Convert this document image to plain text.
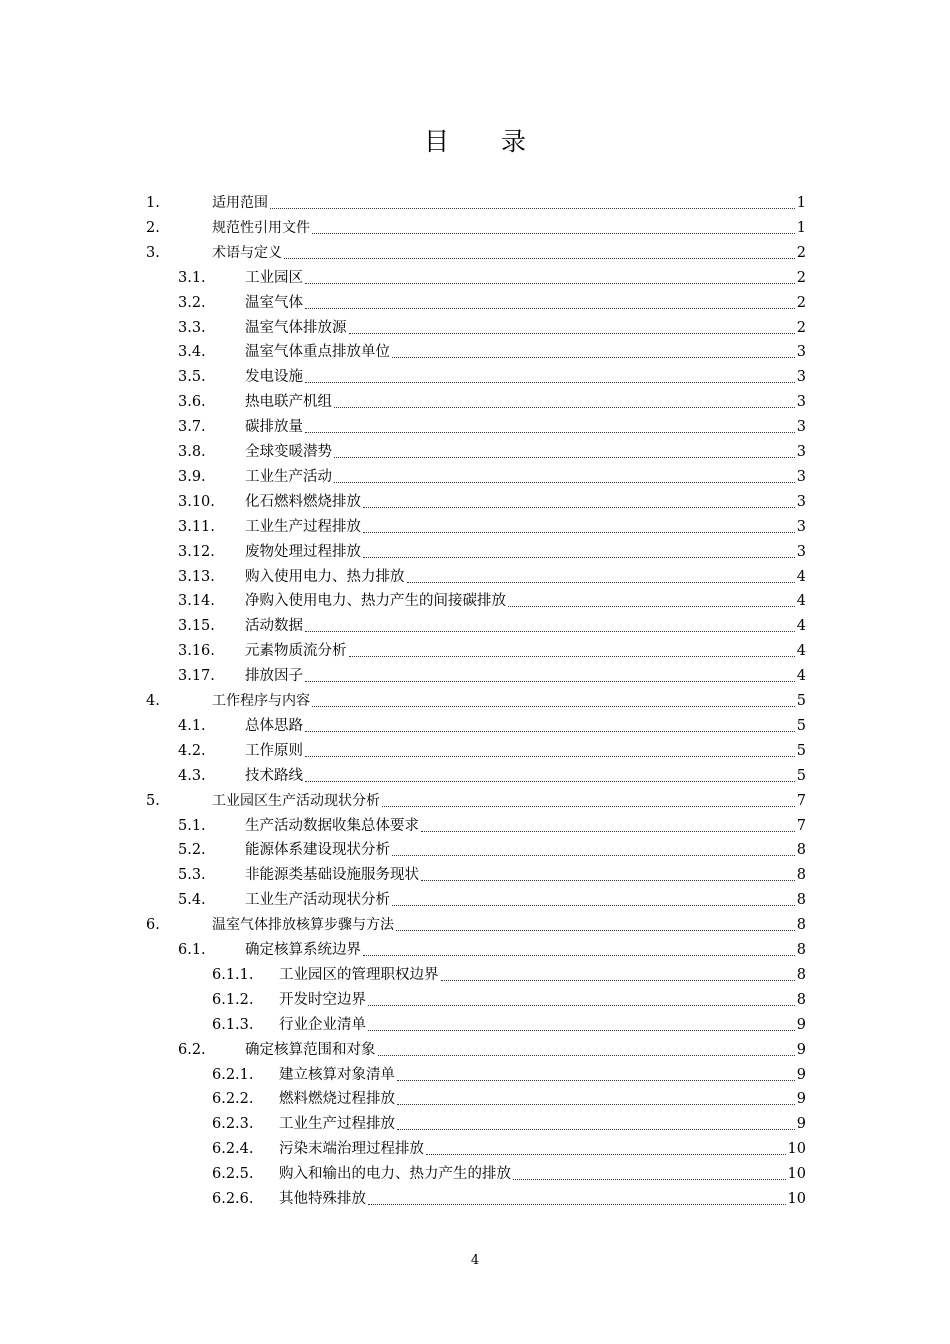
目 录
1.	适用范围	1
2.	规范性引用文件	1
3.	术语与定义	2
3.1.	工业园区	2
3.2.	温室气体	2
3.3.	温室气体排放源	2
3.4.	温室气体重点排放单位	3
3.5.	发电设施	3
3.6.	热电联产机组	3
3.7.	碳排放量	3
3.8.	全球变暖潜势	3
3.9.	工业生产活动	3
3.10. 化石燃料燃烧排放	3
3.11. 工业生产过程排放	3
3.12. 废物处理过程排放	3
3.13. 购入使用电力、热力排放	4
3.14. 净购入使用电力、热力产生的间接碳排放	4
3.15. 活动数据	4
3.16. 元素物质流分析	4
3.17. 排放因子	4
4.	工作程序与内容	5
4.1.	总体思路	5
4.2.	工作原则	5
4.3.	技术路线	5
5.	工业园区生产活动现状分析	7
5.1.	生产活动数据收集总体要求	7
5.2.	能源体系建设现状分析	8
5.3.	非能源类基础设施服务现状	8
5.4.	工业生产活动现状分析	8
6.	温室气体排放核算步骤与方法	8
6.1.	确定核算系统边界	8
6.1.1. 工业园区的管理职权边界	8
6.1.2. 开发时空边界	8
6.1.3. 行业企业清单	9
6.2.	确定核算范围和对象	9
6.2.1. 建立核算对象清单	9
6.2.2. 燃料燃烧过程排放	9
6.2.3. 工业生产过程排放	9
6.2.4. 污染末端治理过程排放	10
6.2.5. 购入和输出的电力、热力产生的排放	10
6.2.6. 其他特殊排放	10
4
